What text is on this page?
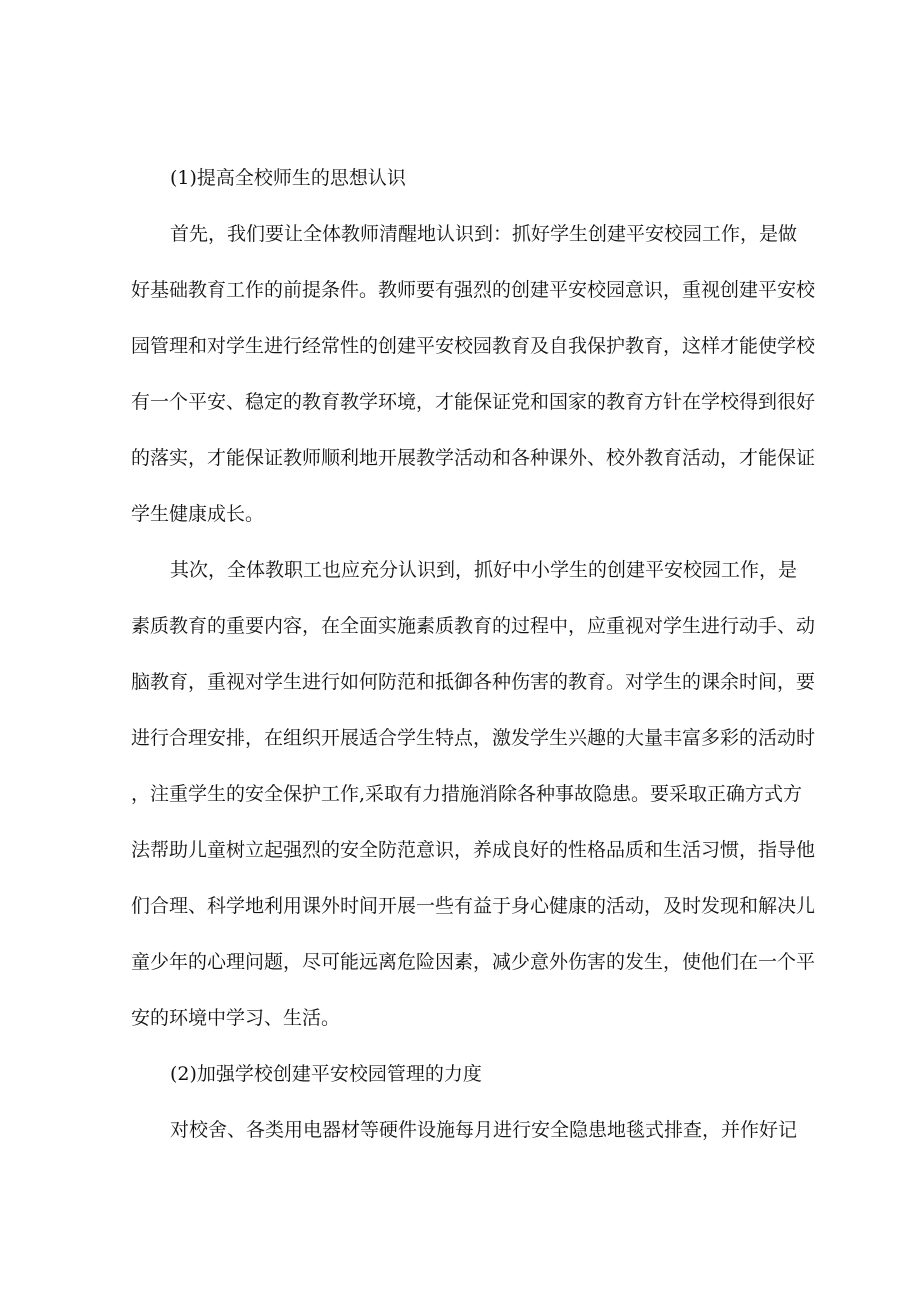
(1)提高全校师生的思想认识

首先，我们要让全体教师清醒地认识到：抓好学生创建平安校园工作，是做

好基础教育工作的前提条件。教师要有强烈的创建平安校园意识，重视创建平安校

园管理和对学生进行经常性的创建平安校园教育及自我保护教育，这样才能使学校

有一个平安、稳定的教育教学环境，才能保证党和国家的教育方针在学校得到很好

的落实，才能保证教师顺利地开展教学活动和各种课外、校外教育活动，才能保证

学生健康成长。

其次，全体教职工也应充分认识到，抓好中小学生的创建平安校园工作，是

素质教育的重要内容，在全面实施素质教育的过程中，应重视对学生进行动手、动

脑教育，重视对学生进行如何防范和抵御各种伤害的教育。对学生的课余时间，要

进行合理安排，在组织开展适合学生特点，激发学生兴趣的大量丰富多彩的活动时

，注重学生的安全保护工作,采取有力措施消除各种事故隐患。要采取正确方式方

法帮助儿童树立起强烈的安全防范意识，养成良好的性格品质和生活习惯，指导他

们合理、科学地利用课外时间开展一些有益于身心健康的活动，及时发现和解决儿

童少年的心理问题，尽可能远离危险因素，减少意外伤害的发生，使他们在一个平

安的环境中学习、生活。

(2)加强学校创建平安校园管理的力度

对校舍、各类用电器材等硬件设施每月进行安全隐患地毯式排查，并作好记
